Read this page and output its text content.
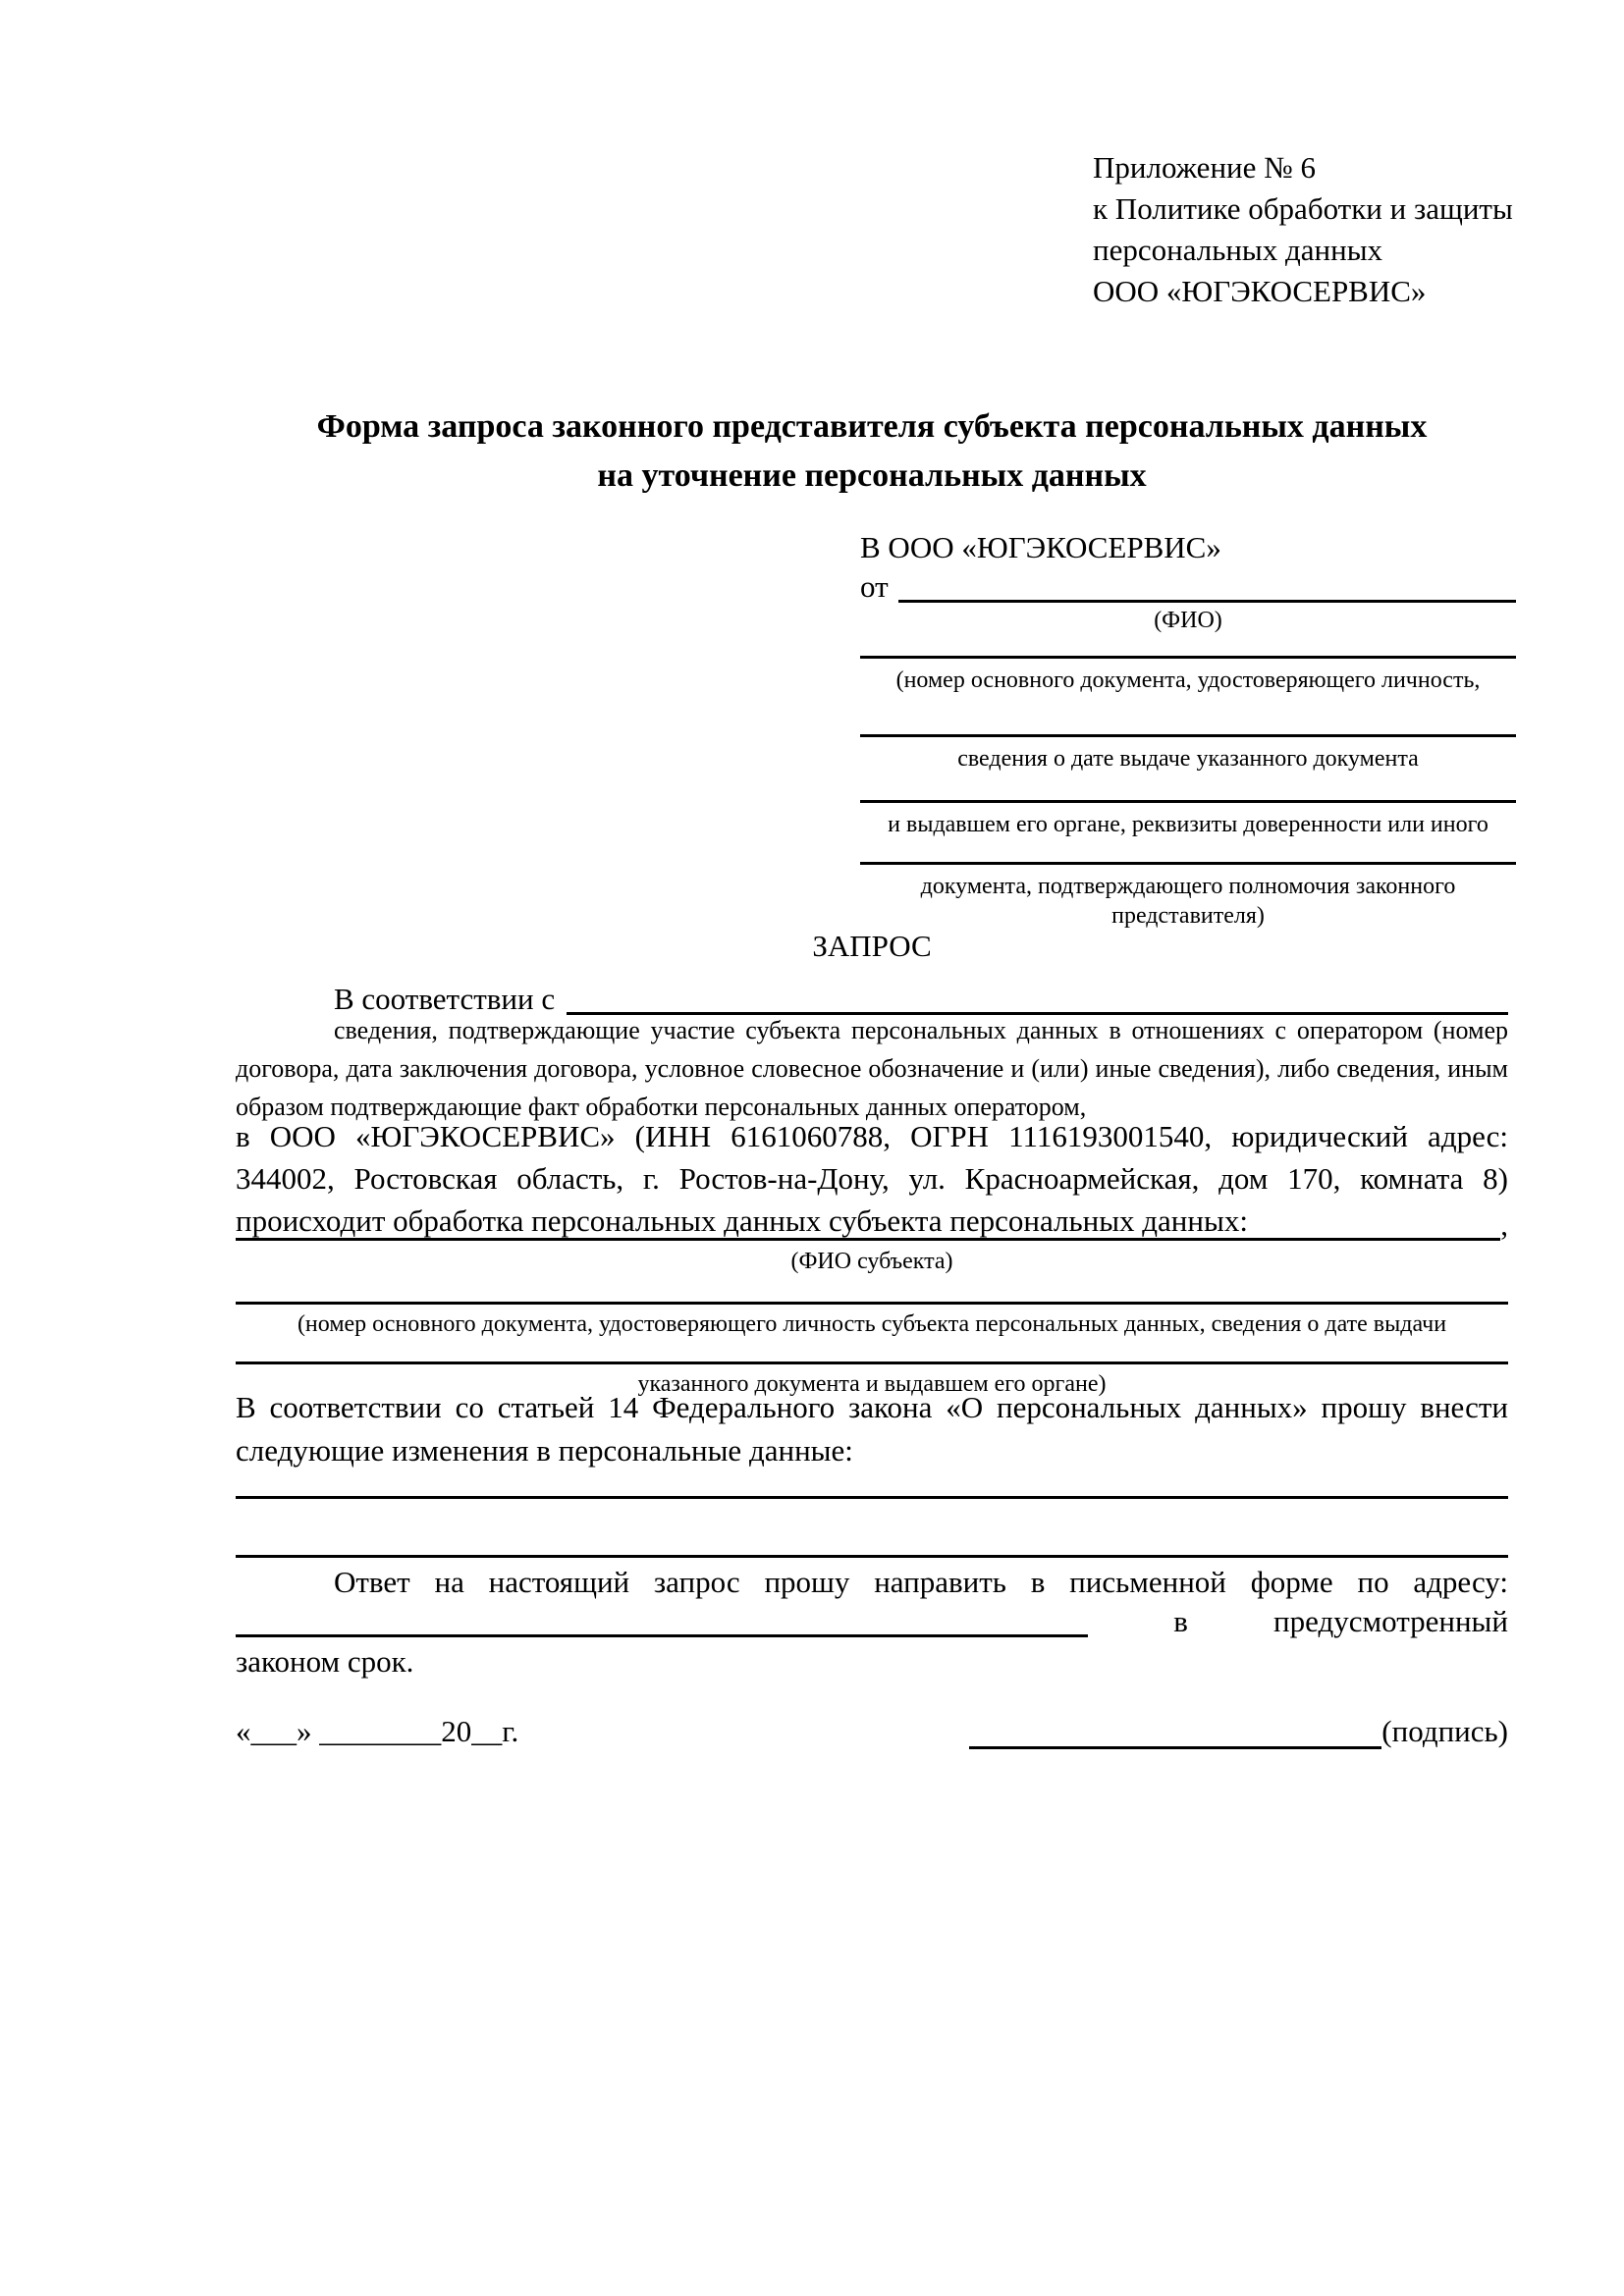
Приложение № 6
к Политике обработки и защиты
персональных данных
ООО «ЮГЭКОСЕРВИС»
Форма запроса законного представителя субъекта персональных данных
на уточнение персональных данных
В ООО «ЮГЭКОСЕРВИС»
от
(ФИО)
(номер основного документа, удостоверяющего личность,
сведения о дате выдаче указанного документа
и выдавшем его органе, реквизиты доверенности или иного
документа, подтверждающего полномочия законного представителя)
ЗАПРОС
В соответствии с
сведения, подтверждающие участие субъекта персональных данных в отношениях с оператором (номер договора, дата заключения договора, условное словесное обозначение и (или) иные сведения), либо сведения, иным образом подтверждающие факт обработки персональных данных оператором,
в ООО «ЮГЭКОСЕРВИС» (ИНН 6161060788, ОГРН 1116193001540, юридический адрес: 344002, Ростовская область, г. Ростов-на-Дону, ул. Красноармейская, дом 170, комната 8) происходит обработка персональных данных субъекта персональных данных:	,
(ФИО субъекта)
(номер основного документа, удостоверяющего личность субъекта персональных данных, сведения о дате выдачи
указанного документа и выдавшем его органе)
В соответствии со статьей 14 Федерального закона «О персональных данных» прошу внести следующие изменения в персональные данные:
Ответ на настоящий запрос прошу направить в письменной форме по адресу:
в	предусмотренный
законом срок.
«___» ________20__г.	(подпись)
